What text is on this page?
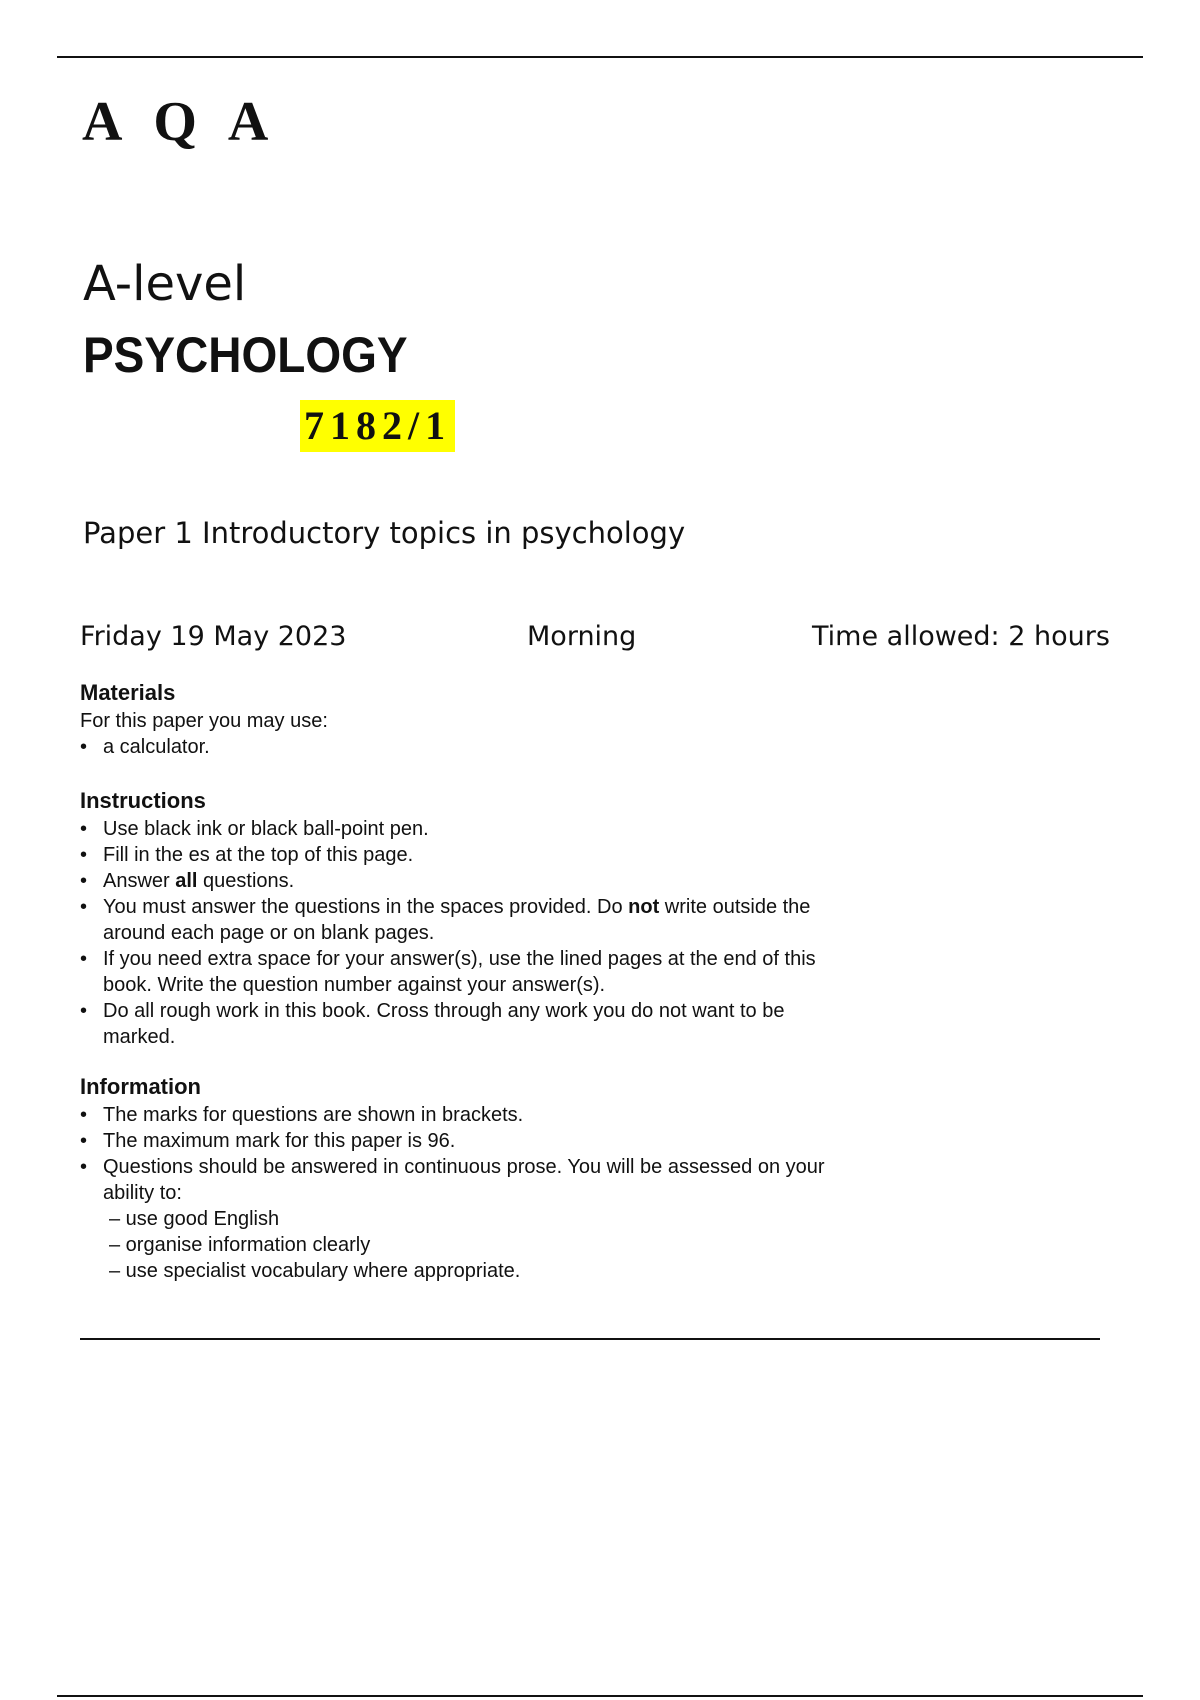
A Q A
A-level
PSYCHOLOGY
7182/1
Paper 1 Introductory topics in psychology
Friday 19 May 2023	Morning	Time allowed: 2 hours
Materials

For this paper you may use:

• a calculator.
Instructions
• Use black ink or black ball-point pen.
• Fill in the es at the top of this page.
• Answer all questions.
• You must answer the questions in the spaces provided. Do not write outside the around each page or on blank pages.
• If you need extra space for your answer(s), use the lined pages at the end of this book. Write the question number against your answer(s).
• Do all rough work in this book. Cross through any work you do not want to be marked.
Information
• The marks for questions are shown in brackets.
• The maximum mark for this paper is 96.
• Questions should be answered in continuous prose. You will be assessed on your ability to:
– use good English
– organise information clearly
– use specialist vocabulary where appropriate.
